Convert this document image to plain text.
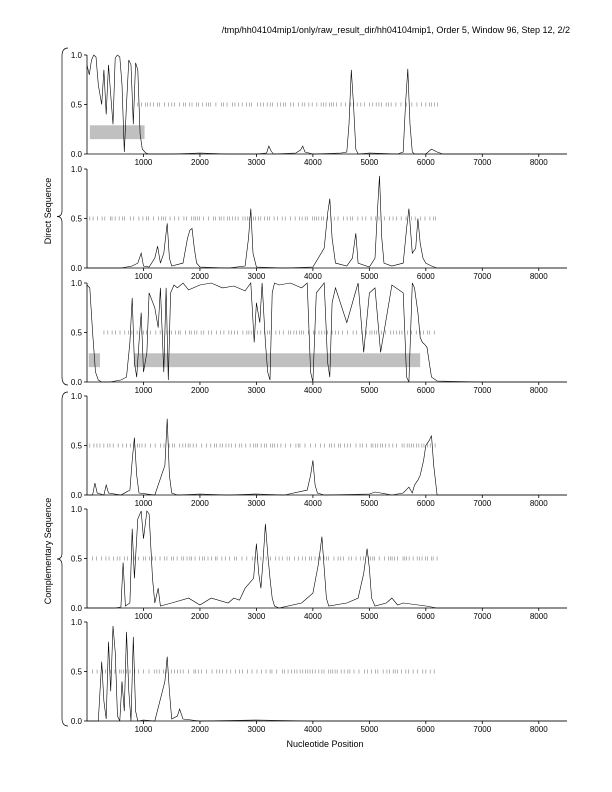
/tmp/hh04104mip1/only/raw_result_dir/hh04104mip1, Order 5, Window 96, Step 12, 2/2
Direct Sequence
Complementary Sequence
0.0
0.5
1.0
1000	2000	3000	4000	5000	6000	7000	8000
0.0
0.5
1.0
1000	2000	3000	4000	5000	6000	7000	8000
0.0
0.5
1.0
1000	2000	3000	4000	5000	6000	7000	8000
0.0
0.5
1.0
1000	2000	3000	4000	5000	6000	7000	8000
0.0
0.5
1.0
1000	2000	3000	4000	5000	6000	7000	8000
0.0
0.5
1.0
1000	2000	3000	4000	5000	6000	7000	8000
Nucleotide Position
